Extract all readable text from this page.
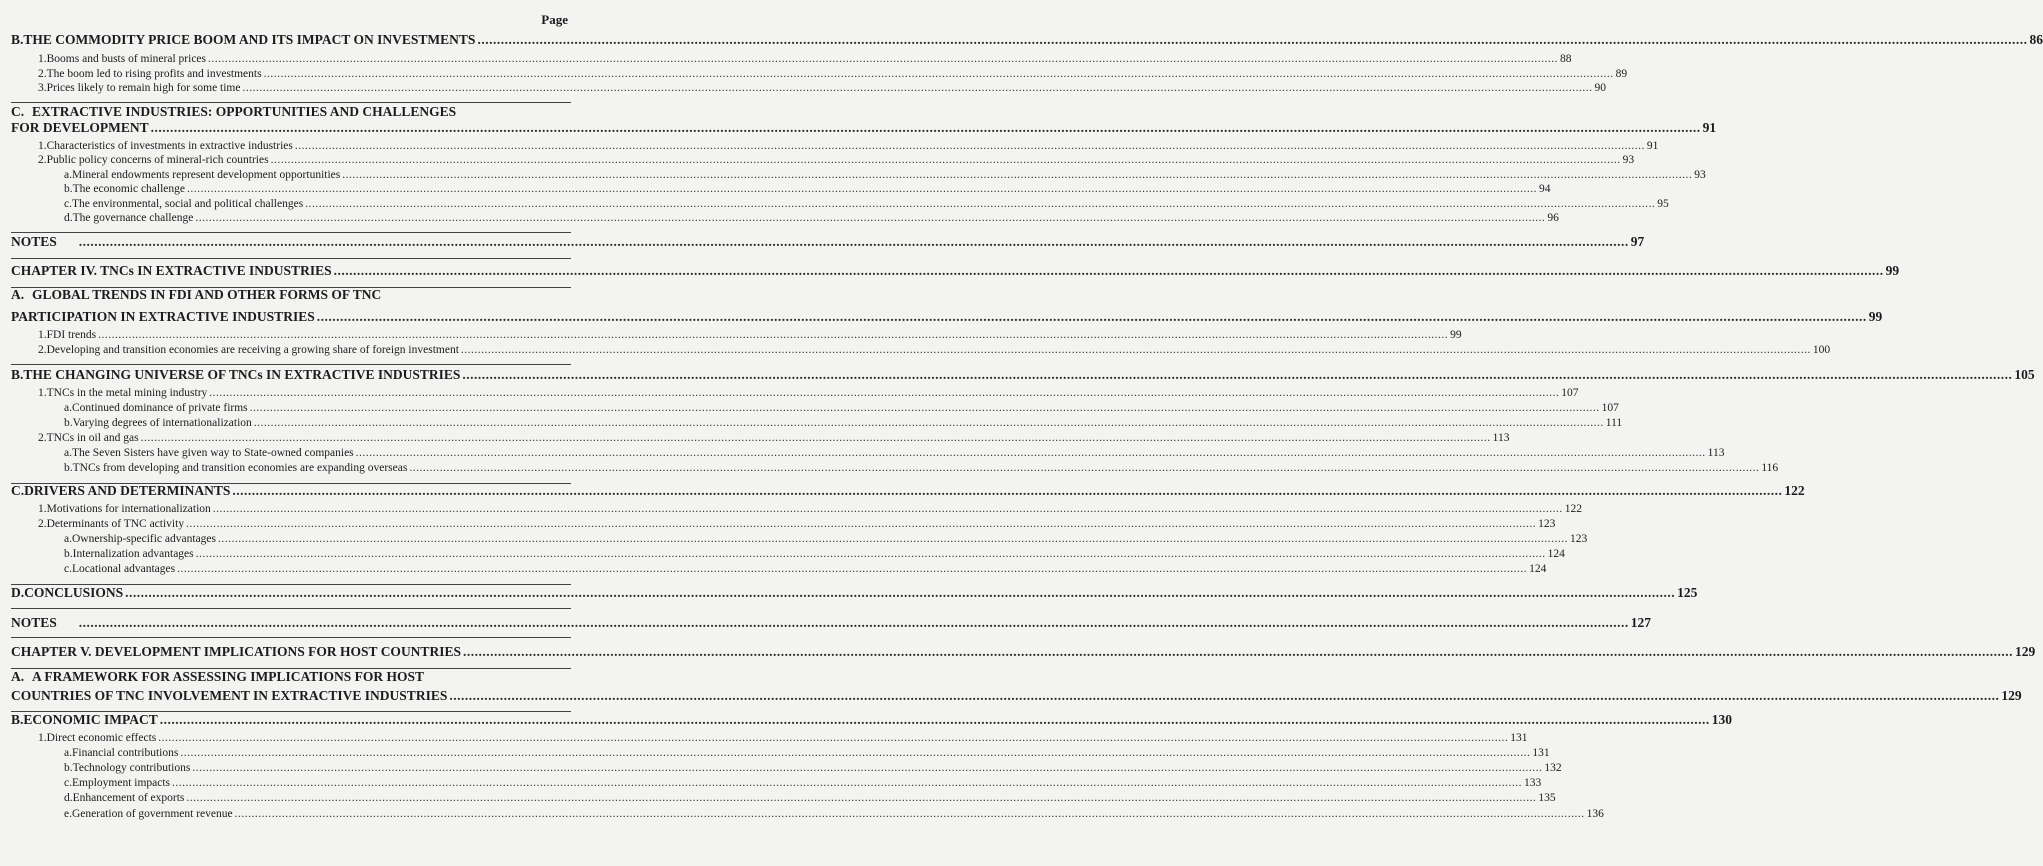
Page
B. THE COMMODITY PRICE BOOM AND ITS IMPACT ON INVESTMENTS ................................................................................................................................................................................................................................................................................................................................................................................................................ 86
1. Booms and busts of mineral prices ................................................................................................................................................................................................................................................................................................................................................................................................................ 88
2. The boom led to rising profits and investments ................................................................................................................................................................................................................................................................................................................................................................................................................ 89
3. Prices likely to remain high for some time ................................................................................................................................................................................................................................................................................................................................................................................................................ 90
C. EXTRACTIVE INDUSTRIES: OPPORTUNITIES AND CHALLENGES
FOR DEVELOPMENT ................................................................................................................................................................................................................................................................................................................................................................................................................ 91
1. Characteristics of investments in extractive industries ................................................................................................................................................................................................................................................................................................................................................................................................................ 91
2. Public policy concerns of mineral-rich countries ................................................................................................................................................................................................................................................................................................................................................................................................................ 93
a. Mineral endowments represent development opportunities ................................................................................................................................................................................................................................................................................................................................................................................................................ 93
b. The economic challenge ................................................................................................................................................................................................................................................................................................................................................................................................................ 94
c. The environmental, social and political challenges ................................................................................................................................................................................................................................................................................................................................................................................................................ 95
d. The governance challenge ................................................................................................................................................................................................................................................................................................................................................................................................................ 96
NOTES ................................................................................................................................................................................................................................................................................................................................................................................................................ 97
CHAPTER IV. TNCs IN EXTRACTIVE INDUSTRIES ................................................................................................................................................................................................................................................................................................................................................................................................................ 99
A. GLOBAL TRENDS IN FDI AND OTHER FORMS OF TNC
PARTICIPATION IN EXTRACTIVE INDUSTRIES ................................................................................................................................................................................................................................................................................................................................................................................................................ 99
1. FDI trends ................................................................................................................................................................................................................................................................................................................................................................................................................ 99
2. Developing and transition economies are receiving a growing share of foreign investment ................................................................................................................................................................................................................................................................................................................................................................................................................ 100
B. THE CHANGING UNIVERSE OF TNCs IN EXTRACTIVE INDUSTRIES ................................................................................................................................................................................................................................................................................................................................................................................................................ 105
1. TNCs in the metal mining industry ................................................................................................................................................................................................................................................................................................................................................................................................................ 107
a. Continued dominance of private firms ................................................................................................................................................................................................................................................................................................................................................................................................................ 107
b. Varying degrees of internationalization ................................................................................................................................................................................................................................................................................................................................................................................................................ 111
2. TNCs in oil and gas ................................................................................................................................................................................................................................................................................................................................................................................................................ 113
a. The Seven Sisters have given way to State-owned companies ................................................................................................................................................................................................................................................................................................................................................................................................................ 113
b. TNCs from developing and transition economies are expanding overseas ................................................................................................................................................................................................................................................................................................................................................................................................................ 116
C. DRIVERS AND DETERMINANTS ................................................................................................................................................................................................................................................................................................................................................................................................................ 122
1. Motivations for internationalization ................................................................................................................................................................................................................................................................................................................................................................................................................ 122
2. Determinants of TNC activity ................................................................................................................................................................................................................................................................................................................................................................................................................ 123
a. Ownership-specific advantages ................................................................................................................................................................................................................................................................................................................................................................................................................ 123
b. Internalization advantages ................................................................................................................................................................................................................................................................................................................................................................................................................ 124
c. Locational advantages ................................................................................................................................................................................................................................................................................................................................................................................................................ 124
D. CONCLUSIONS ................................................................................................................................................................................................................................................................................................................................................................................................................ 125
NOTES ................................................................................................................................................................................................................................................................................................................................................................................................................ 127
CHAPTER V. DEVELOPMENT IMPLICATIONS FOR HOST COUNTRIES ................................................................................................................................................................................................................................................................................................................................................................................................................ 129
A. A FRAMEWORK FOR ASSESSING IMPLICATIONS FOR HOST
COUNTRIES OF TNC INVOLVEMENT IN EXTRACTIVE INDUSTRIES ................................................................................................................................................................................................................................................................................................................................................................................................................ 129
B. ECONOMIC IMPACT ................................................................................................................................................................................................................................................................................................................................................................................................................ 130
1. Direct economic effects ................................................................................................................................................................................................................................................................................................................................................................................................................ 131
a. Financial contributions ................................................................................................................................................................................................................................................................................................................................................................................................................ 131
b. Technology contributions ................................................................................................................................................................................................................................................................................................................................................................................................................ 132
c. Employment impacts ................................................................................................................................................................................................................................................................................................................................................................................................................ 133
d. Enhancement of exports ................................................................................................................................................................................................................................................................................................................................................................................................................ 135
e. Generation of government revenue ................................................................................................................................................................................................................................................................................................................................................................................................................ 136
